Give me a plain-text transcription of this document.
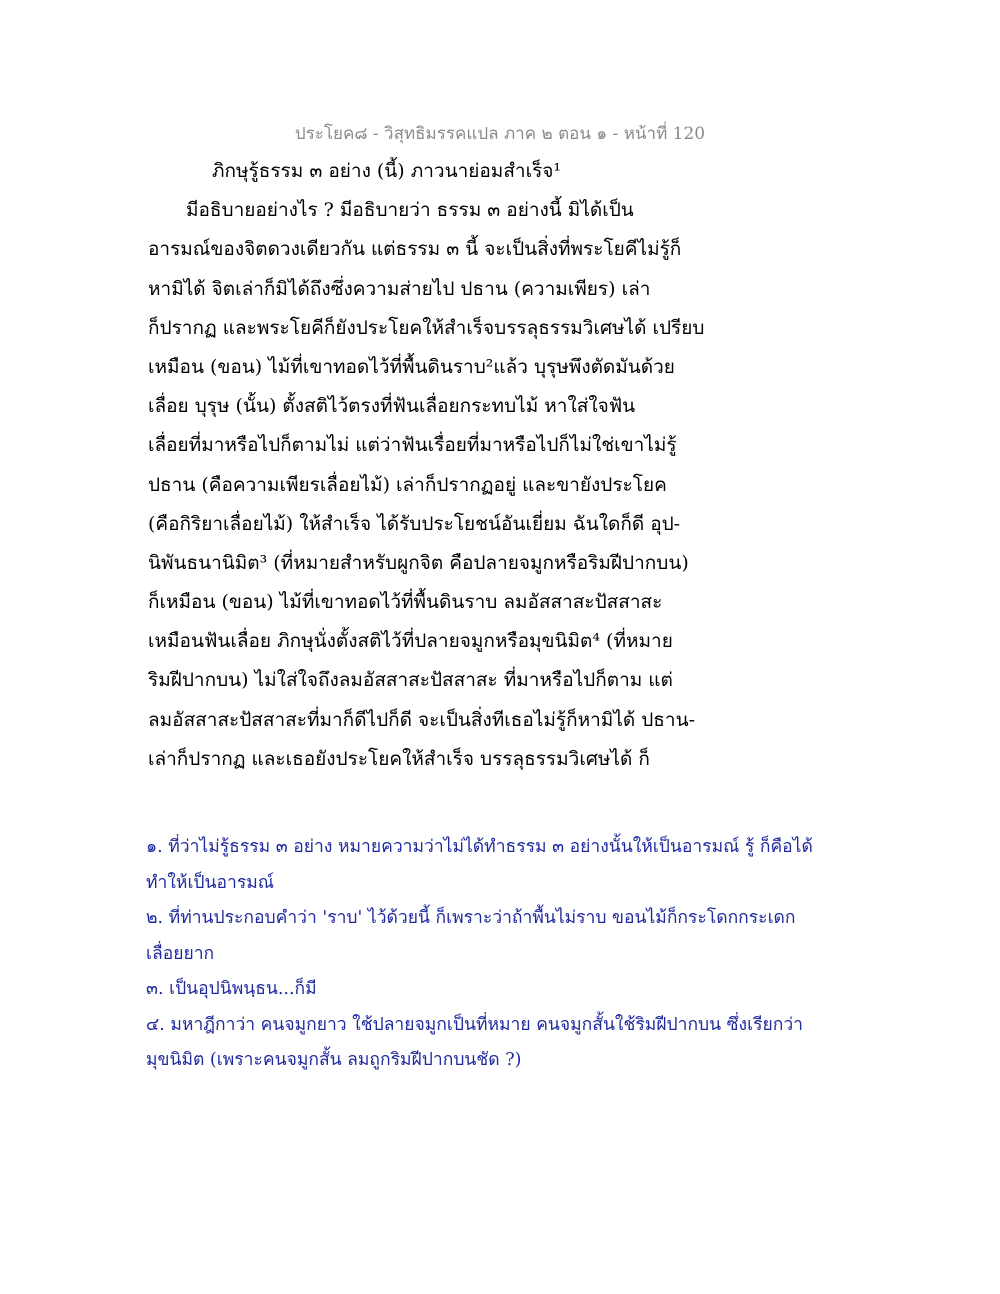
ประโยค๘ - วิสุทธิมรรคแปล ภาค ๒ ตอน ๑ - หน้าที่ 120
ภิกษุรู้ธรรม ๓ อย่าง (นี้) ภาวนาย่อมสำเร็จ¹
มีอธิบายอย่างไร ? มีอธิบายว่า ธรรม ๓ อย่างนี้ มิได้เป็น
อารมณ์ของจิตดวงเดียวกัน แต่ธรรม ๓ นี้ จะเป็นสิ่งที่พระโยคีไม่รู้ก็
หามิได้ จิตเล่าก็มิได้ถึงซึ่งความส่ายไป ปธาน (ความเพียร) เล่า
ก็ปรากฏ และพระโยคีก็ยังประโยคให้สำเร็จบรรลุธรรมวิเศษได้ เปรียบ
เหมือน (ขอน) ไม้ที่เขาทอดไว้ที่พื้นดินราบ²แล้ว บุรุษพึงตัดมันด้วย
เลื่อย บุรุษ (นั้น) ตั้งสติไว้ตรงที่ฟันเลื่อยกระทบไม้ หาใส่ใจฟัน
เลื่อยที่มาหรือไปก็ตามไม่ แต่ว่าฟันเรื่อยที่มาหรือไปก็ไม่ใช่เขาไม่รู้
ปธาน (คือความเพียรเลื่อยไม้) เล่าก็ปรากฏอยู่ และขายังประโยค
(คือกิริยาเลื่อยไม้) ให้สำเร็จ ได้รับประโยชน์อันเยี่ยม ฉันใดก็ดี อุป-
นิพันธนานิมิต³ (ที่หมายสำหรับผูกจิต คือปลายจมูกหรือริมฝีปากบน)
ก็เหมือน (ขอน) ไม้ที่เขาทอดไว้ที่พื้นดินราบ ลมอัสสาสะปัสสาสะ
เหมือนฟันเลื่อย ภิกษุนั่งตั้งสติไว้ที่ปลายจมูกหรือมุขนิมิต⁴ (ที่หมาย
ริมฝีปากบน) ไม่ใส่ใจถึงลมอัสสาสะปัสสาสะ ที่มาหรือไปก็ตาม แต่
ลมอัสสาสะปัสสาสะที่มาก็ดีไปก็ดี จะเป็นสิ่งทีเธอไม่รู้ก็หามิได้ ปธาน-
เล่าก็ปรากฏ และเธอยังประโยคให้สำเร็จ บรรลุธรรมวิเศษได้ ก็
๑. ที่ว่าไม่รู้ธรรม ๓ อย่าง หมายความว่าไม่ได้ทำธรรม ๓ อย่างนั้นให้เป็นอารมณ์ รู้ ก็คือได้
ทำให้เป็นอารมณ์
๒. ที่ท่านประกอบคำว่า 'ราบ' ไว้ด้วยนี้ ก็เพราะว่าถ้าพื้นไม่ราบ ขอนไม้ก็กระโดกกระเดก
เลื่อยยาก
๓. เป็นอุปนิพนฺธน...ก็มี
๔. มหาฎีกาว่า คนจมูกยาว ใช้ปลายจมูกเป็นที่หมาย คนจมูกสั้นใช้ริมฝีปากบน ซึ่งเรียกว่า
มุขนิมิต (เพราะคนจมูกสั้น ลมถูกริมฝีปากบนชัด ?)
